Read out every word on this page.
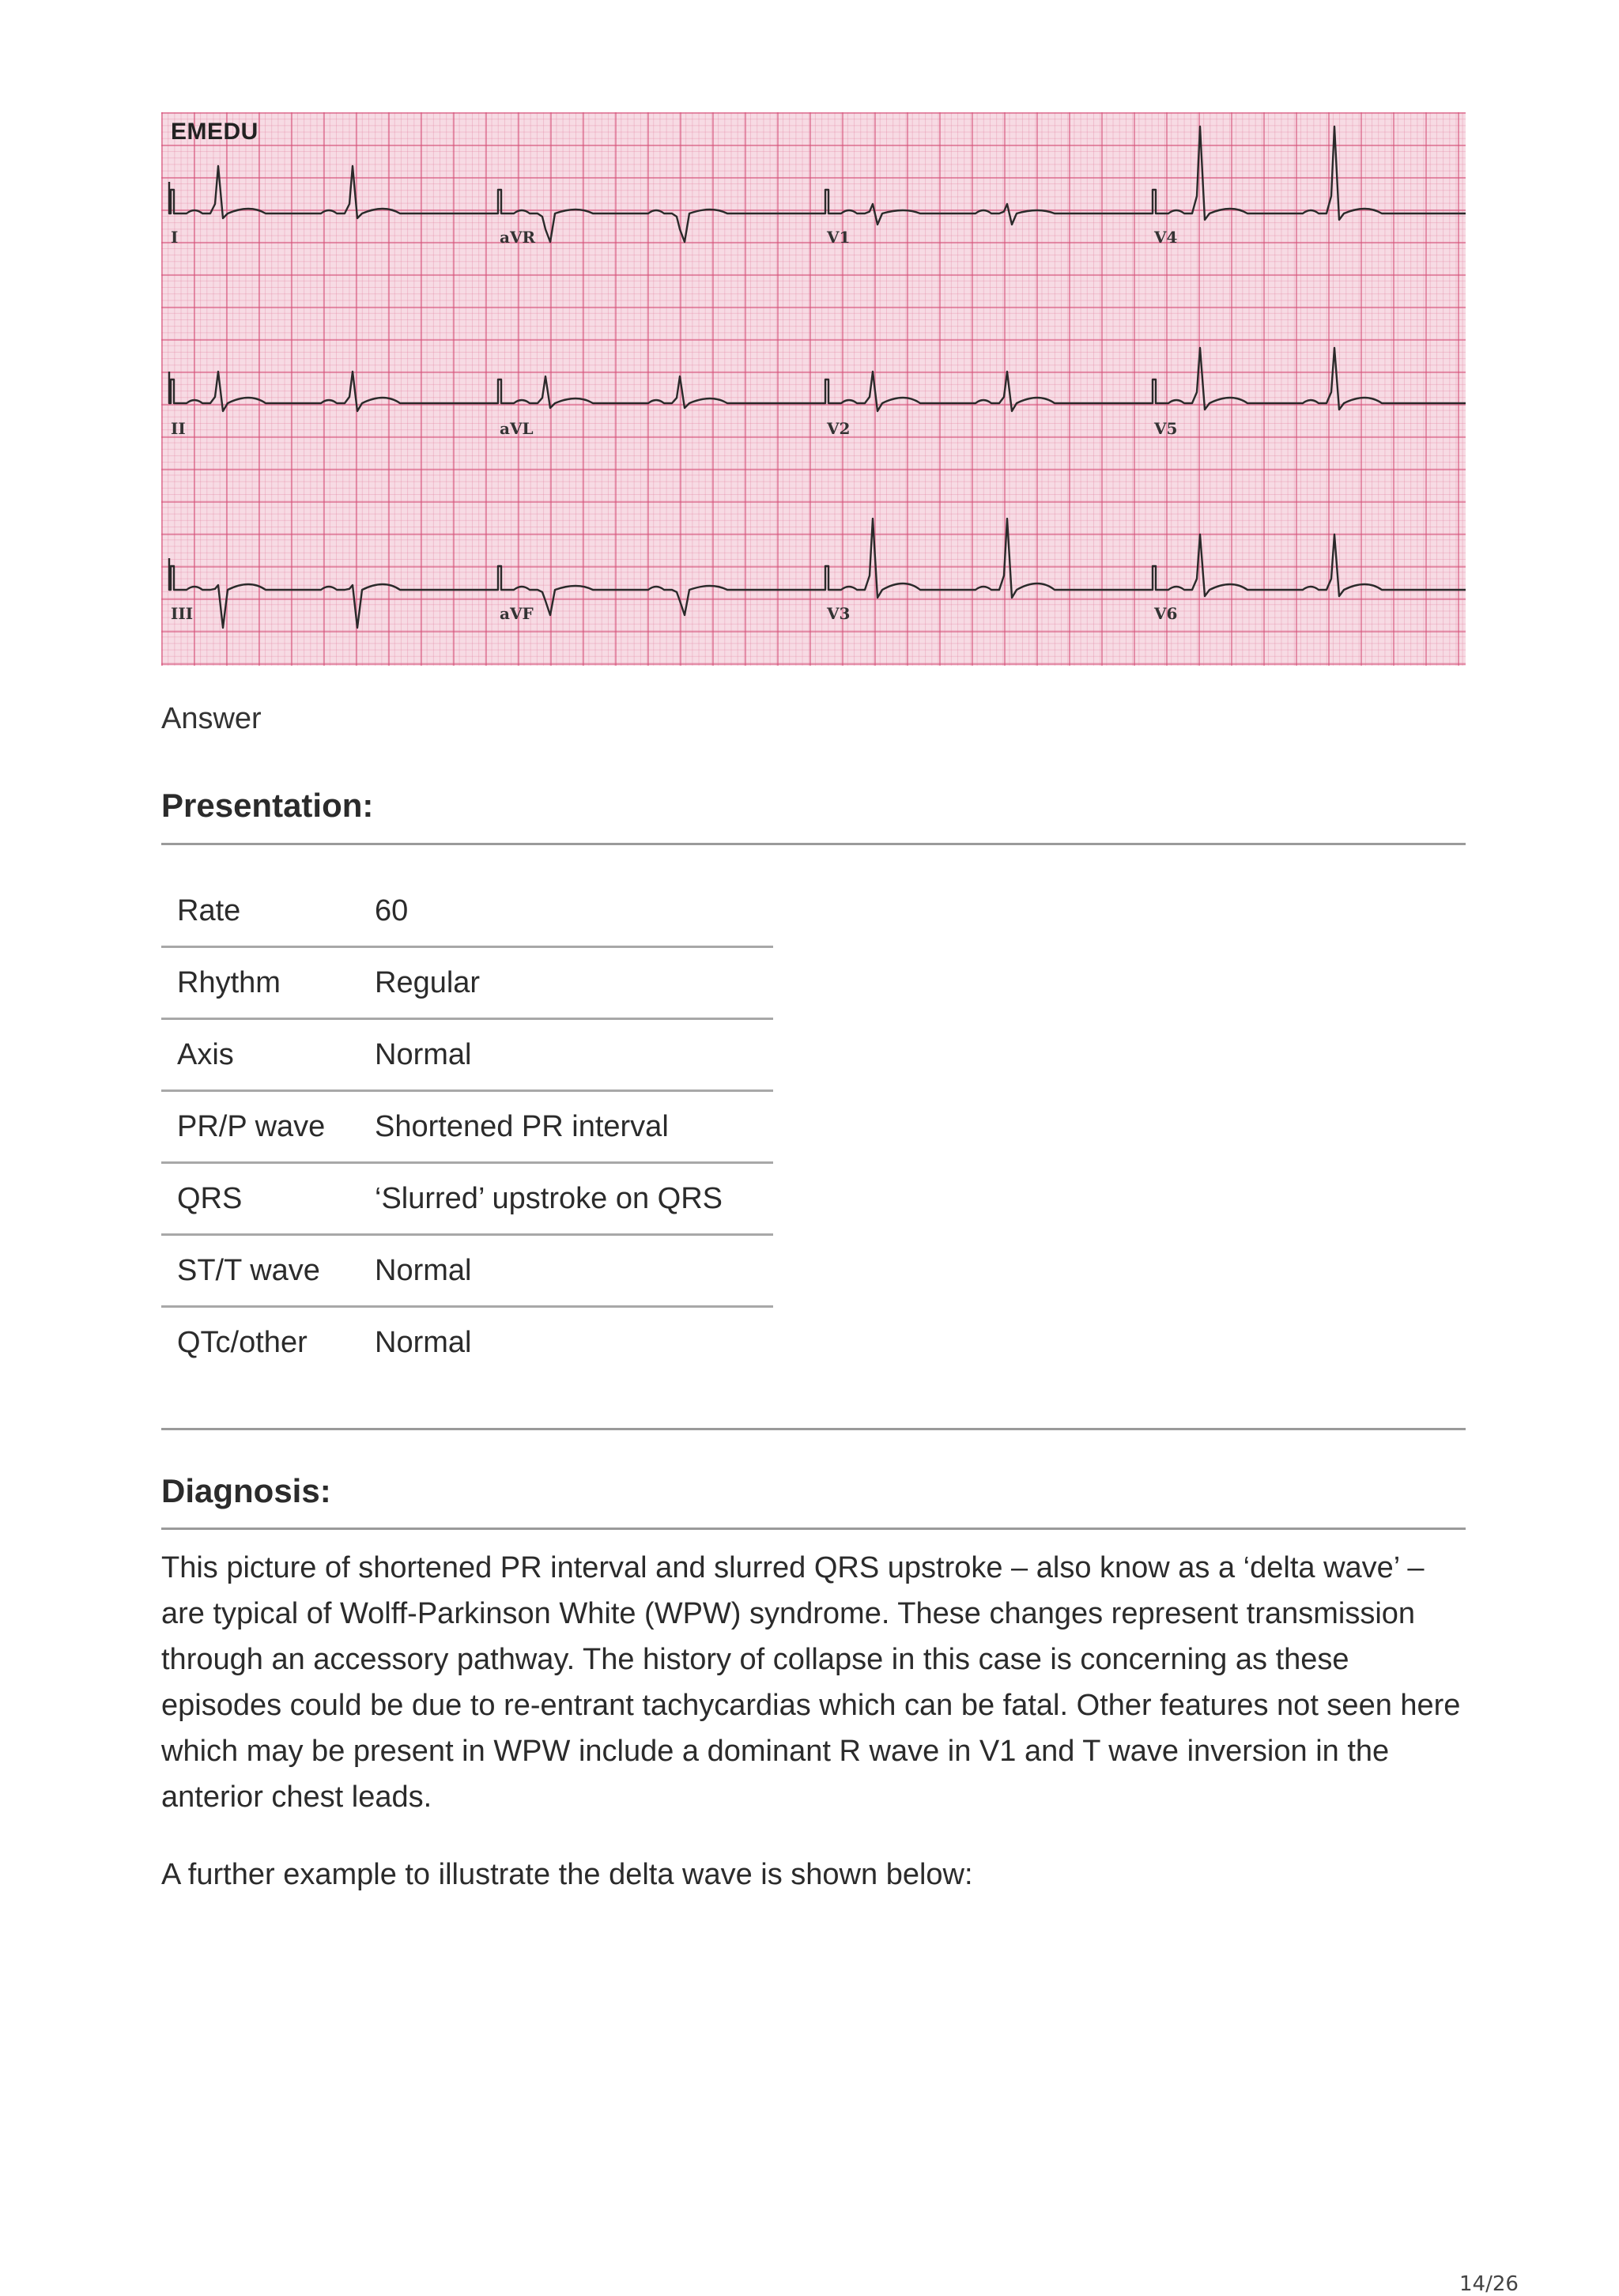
EMEDU
I	aVR	V1	V4
II	aVL	V2	V5
III	aVF	V3	V6
Answer
Presentation:
Rate	60
Rhythm	Regular
Axis	Normal
PR/P wave	Shortened PR interval
QRS	‘Slurred’ upstroke on QRS
ST/T wave	Normal
QTc/other	Normal
Diagnosis:

This picture of shortened PR interval and slurred QRS upstroke – also know as a ‘delta wave’ – are typical of Wolff-Parkinson White (WPW) syndrome. These changes represent transmission through an accessory pathway. The history of collapse in this case is concerning as these episodes could be due to re-entrant tachycardias which can be fatal. Other features not seen here which may be present in WPW include a dominant R wave in V1 and T wave inversion in the anterior chest leads.

A further example to illustrate the delta wave is shown below:

14/26
